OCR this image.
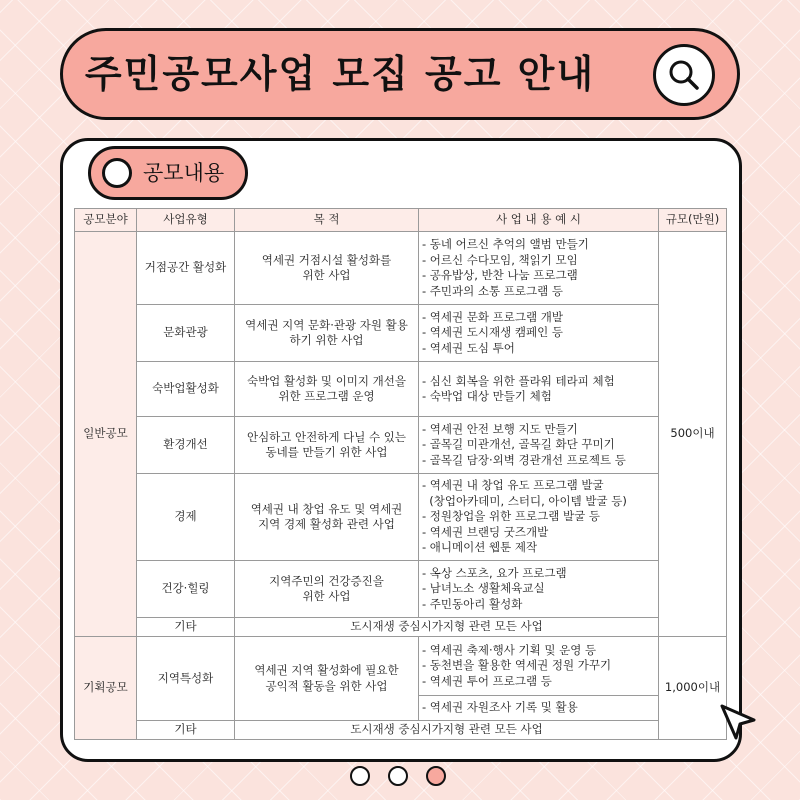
주민공모사업 모집 공고 안내
공모내용
공모분야	사업유형	목 적	사 업 내 용 예 시	규모(만원)
일반공모	거점공간 활성화	역세권 거점시설 활성화를
위한 사업	- 동네 어르신 추억의 앨범 만들기
- 어르신 수다모임, 책읽기 모임
- 공유밥상, 반찬 나눔 프로그램
- 주민과의 소통 프로그램 등	500이내
	문화관광	역세권 지역 문화·관광 자원 활용
하기 위한 사업	- 역세권 문화 프로그램 개발
- 역세권 도시재생 캠페인 등
- 역세권 도심 투어	

	숙박업활성화	숙박업 활성화 및 이미지 개선을
위한 프로그램 운영	- 심신 회복을 위한 플라워 테라피 체험
- 숙박업 대상 만들기 체험	

	환경개선	안심하고 안전하게 다닐 수 있는
동네를 만들기 위한 사업	- 역세권 안전 보행 지도 만들기
- 골목길 미관개선, 골목길 화단 꾸미기
- 골목길 담장·외벽 경관개선 프로젝트 등	

	경제	역세권 내 창업 유도 및 역세권
지역 경제 활성화 관련 사업	- 역세권 내 창업 유도 프로그램 발굴
(창업아카데미, 스터디, 아이템 발굴 등)
- 정원창업을 위한 프로그램 발굴 등
- 역세권 브랜딩 굿즈개발
- 애니메이션 웹툰 제작	

	건강·힐링	지역주민의 건강증진을
위한 사업	- 옥상 스포츠, 요가 프로그램
- 남녀노소 생활체육교실
- 주민동아리 활성화	

	기타	도시재생 중심시가지형 관련 모든 사업		
기획공모	지역특성화	역세권 지역 활성화에 필요한
공익적 활동을 위한 사업	- 역세권 축제·행사 기획 및 운영 등
- 동천변을 활용한 역세권 정원 가꾸기
- 역세권 투어 프로그램 등	1,000이내

			- 역세권 자원조사 기록 및 활용	

	기타	도시재생 중심시가지형 관련 모든 사업		
